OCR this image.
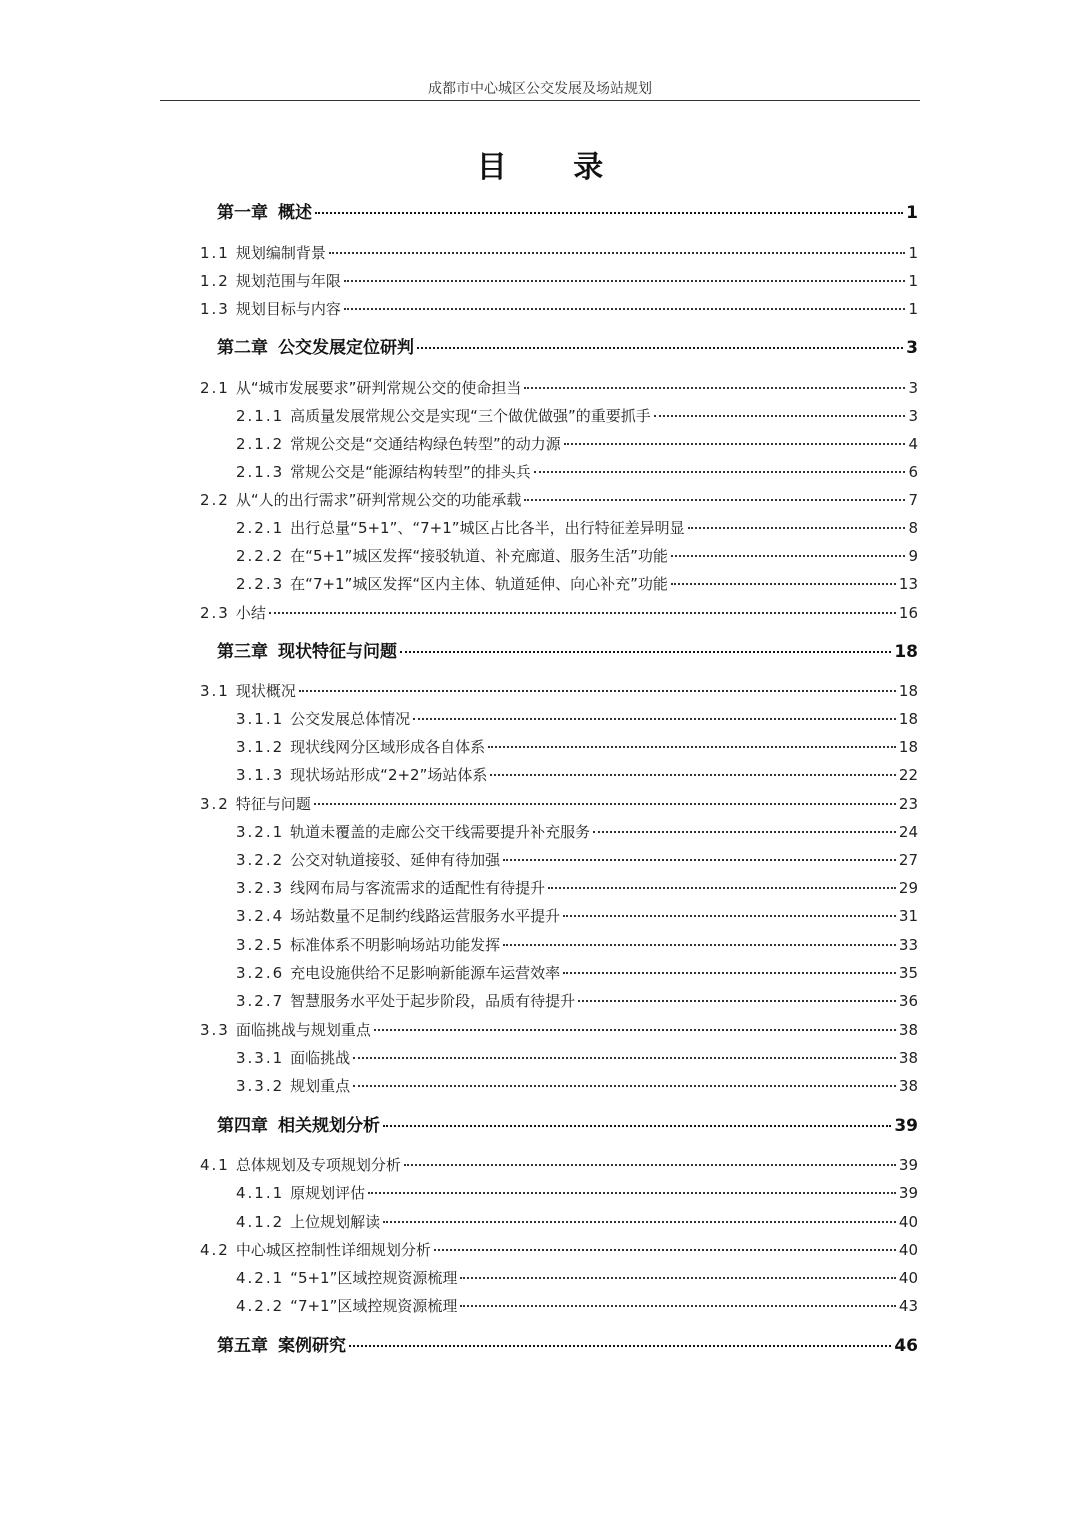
成都市中心城区公交发展及场站规划
目 录
第一章 概述	1
1.1 规划编制背景	1
1.2 规划范围与年限	1
1.3 规划目标与内容	1
第二章 公交发展定位研判	3
2.1 从“城市发展要求”研判常规公交的使命担当	3
2.1.1 高质量发展常规公交是实现“三个做优做强”的重要抓手	3
2.1.2 常规公交是“交通结构绿色转型”的动力源	4
2.1.3 常规公交是“能源结构转型”的排头兵	6
2.2 从“人的出行需求”研判常规公交的功能承载	7
2.2.1 出行总量“5+1”、“7+1”城区占比各半，出行特征差异明显	8
2.2.2 在“5+1”城区发挥“接驳轨道、补充廊道、服务生活”功能	9
2.2.3 在“7+1”城区发挥“区内主体、轨道延伸、向心补充”功能	13
2.3 小结	16
第三章 现状特征与问题	18
3.1 现状概况	18
3.1.1 公交发展总体情况	18
3.1.2 现状线网分区域形成各自体系	18
3.1.3 现状场站形成“2+2”场站体系	22
3.2 特征与问题	23
3.2.1 轨道未覆盖的走廊公交干线需要提升补充服务	24
3.2.2 公交对轨道接驳、延伸有待加强	27
3.2.3 线网布局与客流需求的适配性有待提升	29
3.2.4 场站数量不足制约线路运营服务水平提升	31
3.2.5 标准体系不明影响场站功能发挥	33
3.2.6 充电设施供给不足影响新能源车运营效率	35
3.2.7 智慧服务水平处于起步阶段，品质有待提升	36
3.3 面临挑战与规划重点	38
3.3.1 面临挑战	38
3.3.2 规划重点	38
第四章 相关规划分析	39
4.1 总体规划及专项规划分析	39
4.1.1 原规划评估	39
4.1.2 上位规划解读	40
4.2 中心城区控制性详细规划分析	40
4.2.1 “5+1”区域控规资源梳理	40
4.2.2 “7+1”区域控规资源梳理	43
第五章 案例研究	46
